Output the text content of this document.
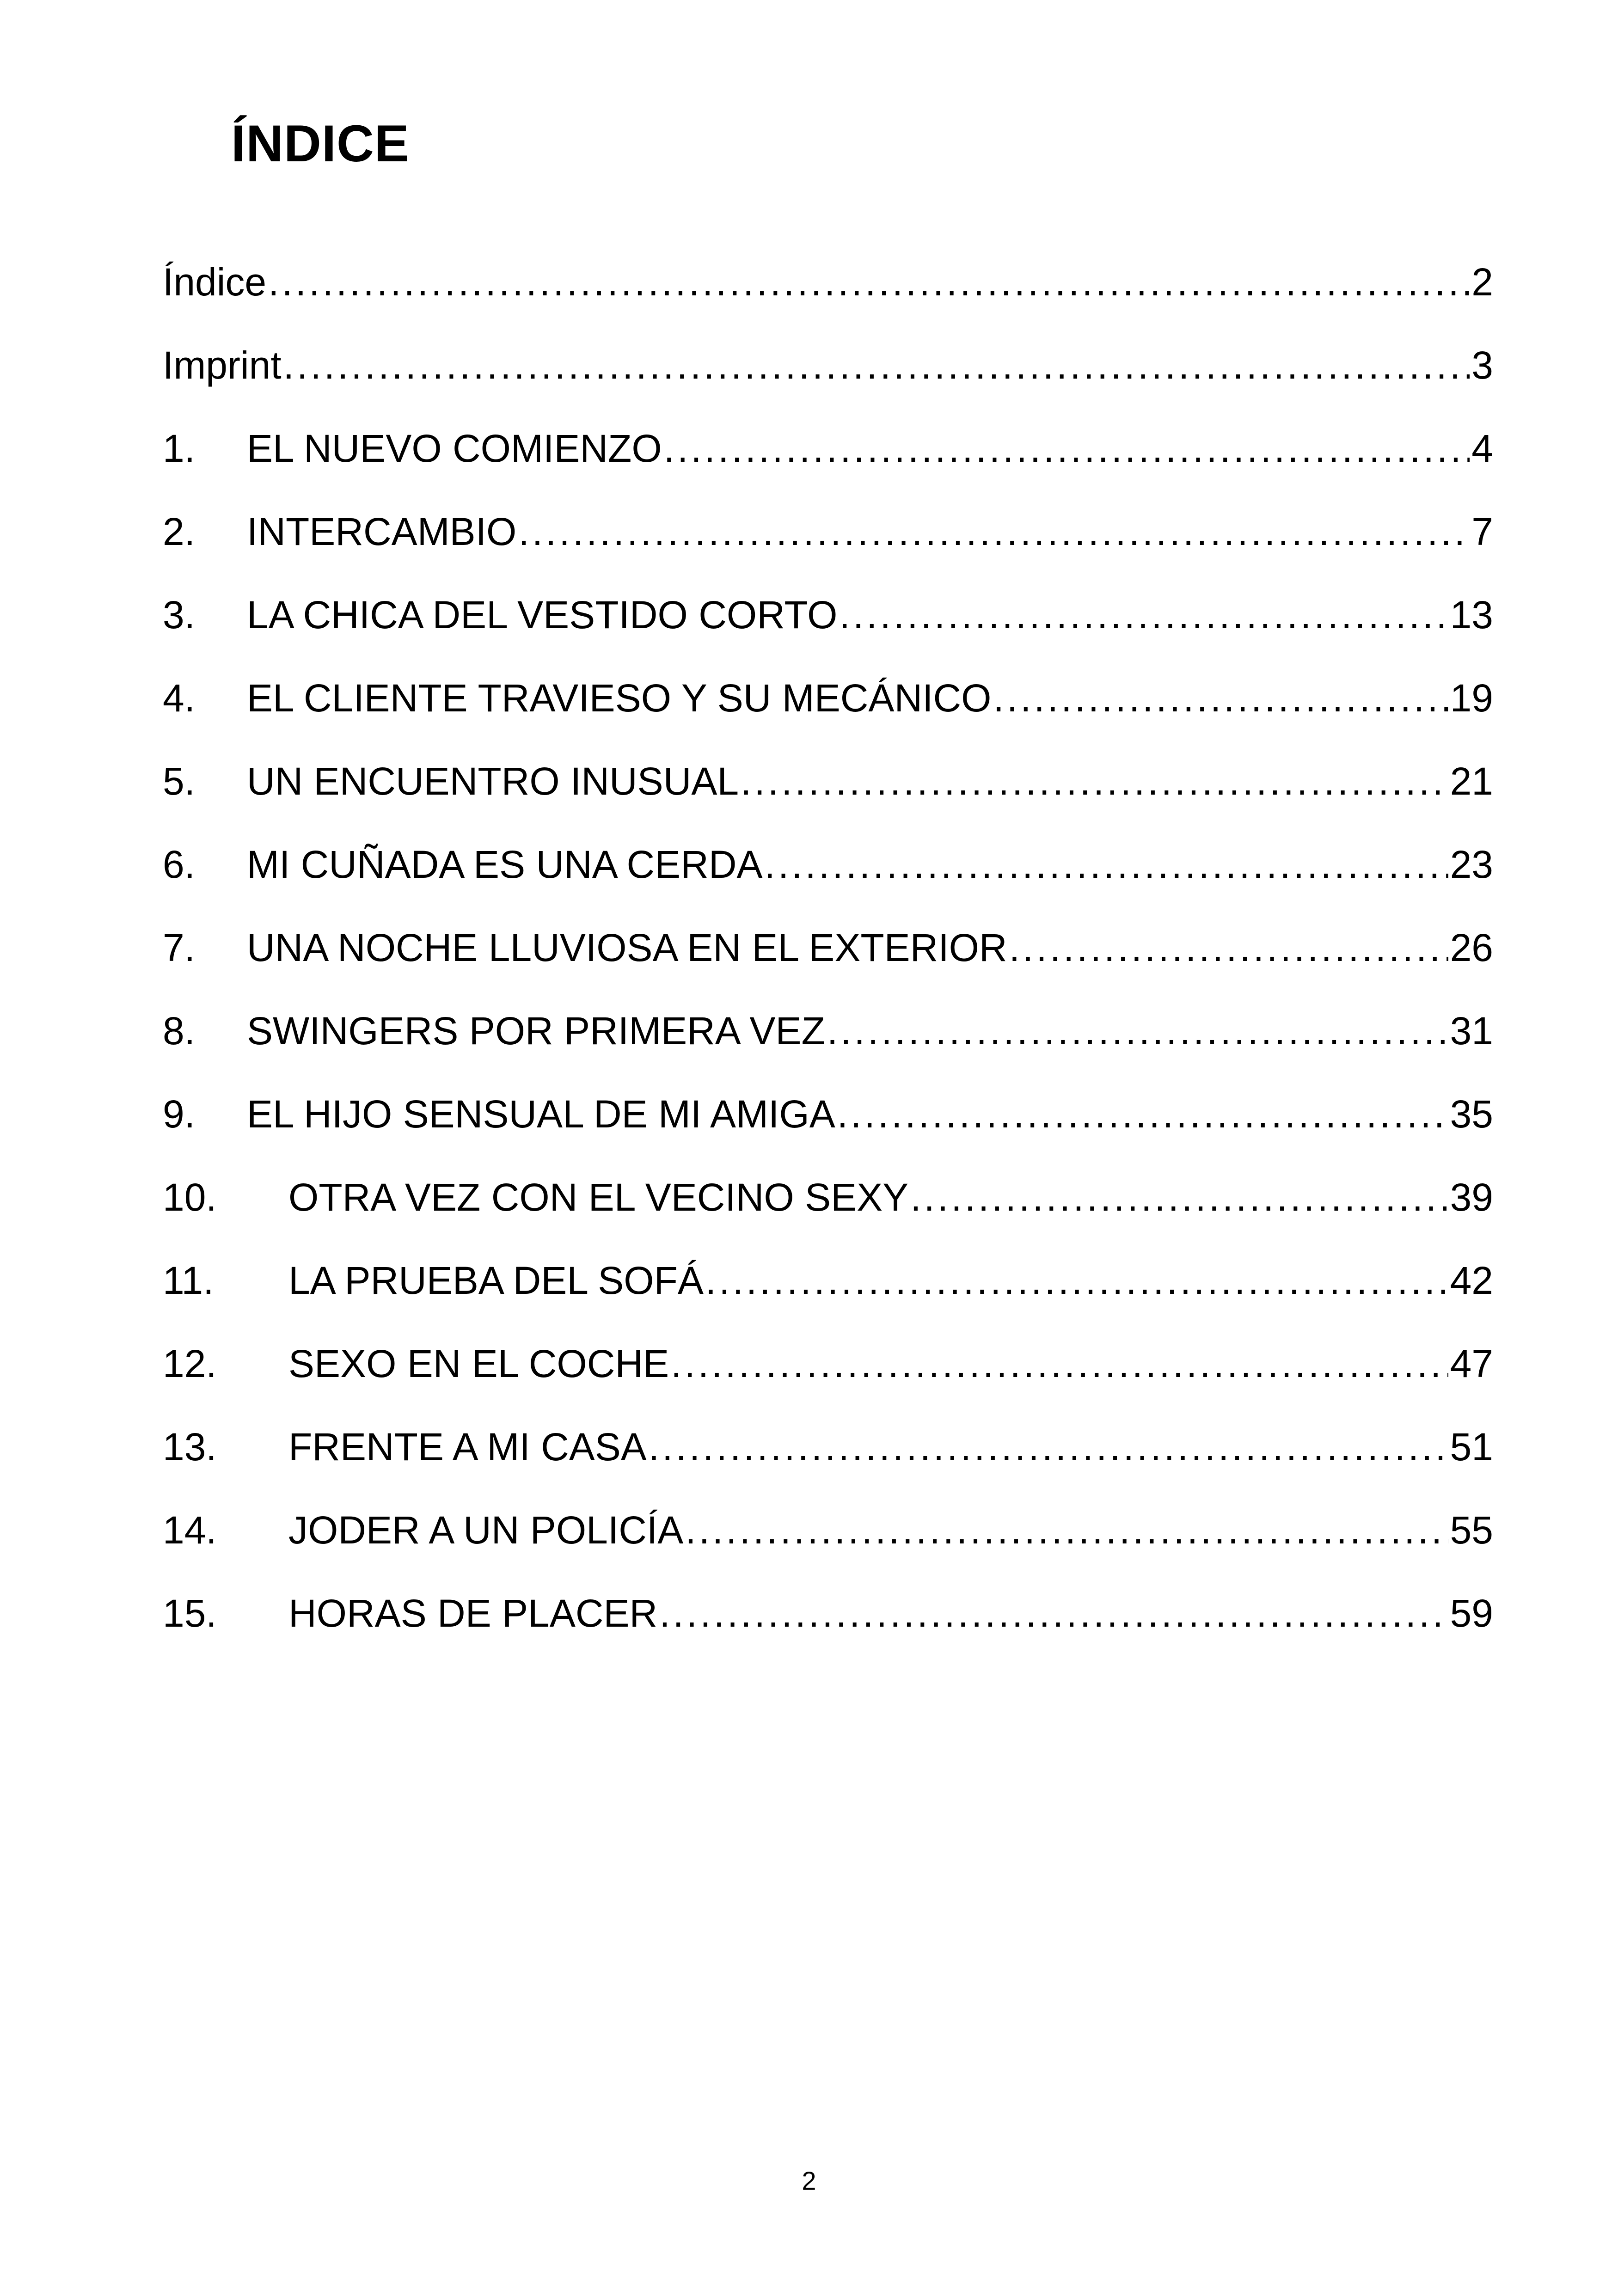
ÍNDICE
Índice .....	2
Imprint .....	3
1.	EL NUEVO COMIENZO .....	4
2.	INTERCAMBIO .....	7
3.	LA CHICA DEL VESTIDO CORTO .....	13
4.	EL CLIENTE TRAVIESO Y SU MECÁNICO .....	19
5.	UN ENCUENTRO INUSUAL .....	21
6.	MI CUÑADA ES UNA CERDA .....	23
7.	UNA NOCHE LLUVIOSA EN EL EXTERIOR .....	26
8.	SWINGERS POR PRIMERA VEZ .....	31
9.	EL HIJO SENSUAL DE MI AMIGA .....	35
10.	OTRA VEZ CON EL VECINO SEXY .....	39
11.	LA PRUEBA DEL SOFÁ .....	42
12.	SEXO EN EL COCHE .....	47
13.	FRENTE A MI CASA .....	51
14.	JODER A UN POLICÍA .....	55
15.	HORAS DE PLACER .....	59
2
